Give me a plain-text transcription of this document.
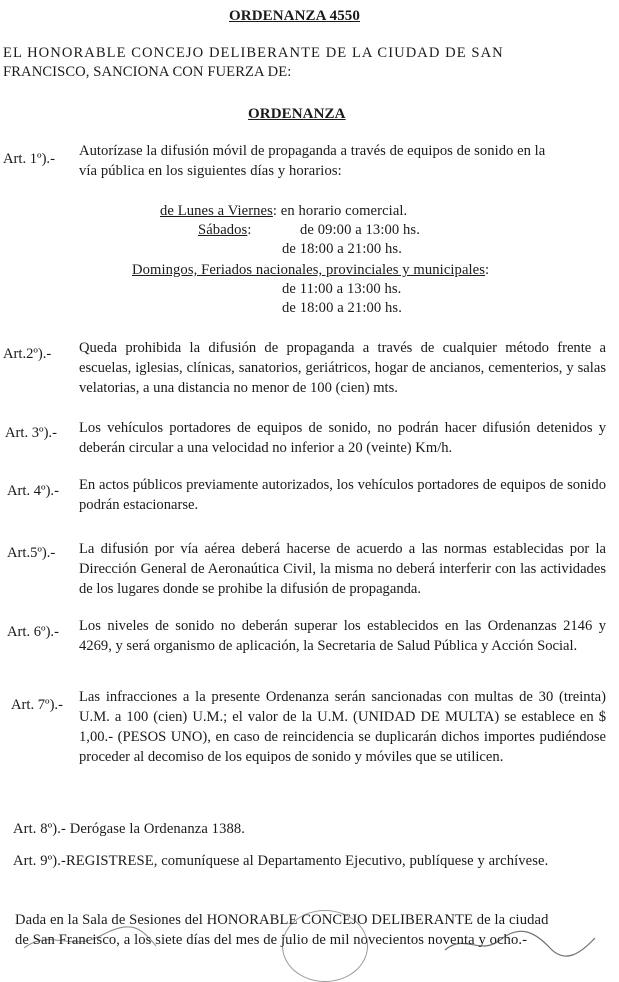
ORDENANZA 4550
EL HONORABLE CONCEJO DELIBERANTE DE LA CIUDAD DE SAN
FRANCISCO, SANCIONA CON FUERZA DE:
ORDENANZA
Art. 1º).- Autorízase la difusión móvil de propaganda a través de equipos de sonido en la
vía pública en los siguientes días y horarios:
de Lunes a Viernes: en horario comercial.
Sábados:	de 09:00 a 13:00 hs.
de 18:00 a 21:00 hs.
Domingos, Feriados nacionales, provinciales y municipales:
de 11:00 a 13:00 hs.
de 18:00 a 21:00 hs.
Art.2º).- Queda prohibida la difusión de propaganda a través de cualquier método frente a escuelas, iglesias, clínicas, sanatorios, geriátricos, hogar de ancianos, cementerios, y salas velatorias, a una distancia no menor de 100 (cien) mts.
Art. 3º).- Los vehículos portadores de equipos de sonido, no podrán hacer difusión detenidos y deberán circular a una velocidad no inferior a 20 (veinte) Km/h.
Art. 4º).- En actos públicos previamente autorizados, los vehículos portadores de equipos de sonido podrán estacionarse.
Art.5º).- La difusión por vía aérea deberá hacerse de acuerdo a las normas establecidas por la Dirección General de Aeronaútica Civil, la misma no deberá interferir con las actividades de los lugares donde se prohibe la difusión de propaganda.
Art. 6º).- Los niveles de sonido no deberán superar los establecidos en las Ordenanzas 2146 y 4269, y será organismo de aplicación, la Secretaria de Salud Pública y Acción Social.
Art. 7º).- Las infracciones a la presente Ordenanza serán sancionadas con multas de 30 (treinta) U.M. a 100 (cien) U.M.; el valor de la U.M. (UNIDAD DE MULTA) se establece en $ 1,00.- (PESOS UNO), en caso de reincidencia se duplicarán dichos importes pudiéndose proceder al decomiso de los equipos de sonido y móviles que se utilicen.
Art. 8º).- Derógase la Ordenanza 1388.
Art. 9º).-REGISTRESE, comuníquese al Departamento Ejecutivo, publíquese y archívese.
Dada en la Sala de Sesiones del HONORABLE CONCEJO DELIBERANTE de la ciudad
de San Francisco, a los siete días del mes de julio de mil novecientos noventa y ocho.-
